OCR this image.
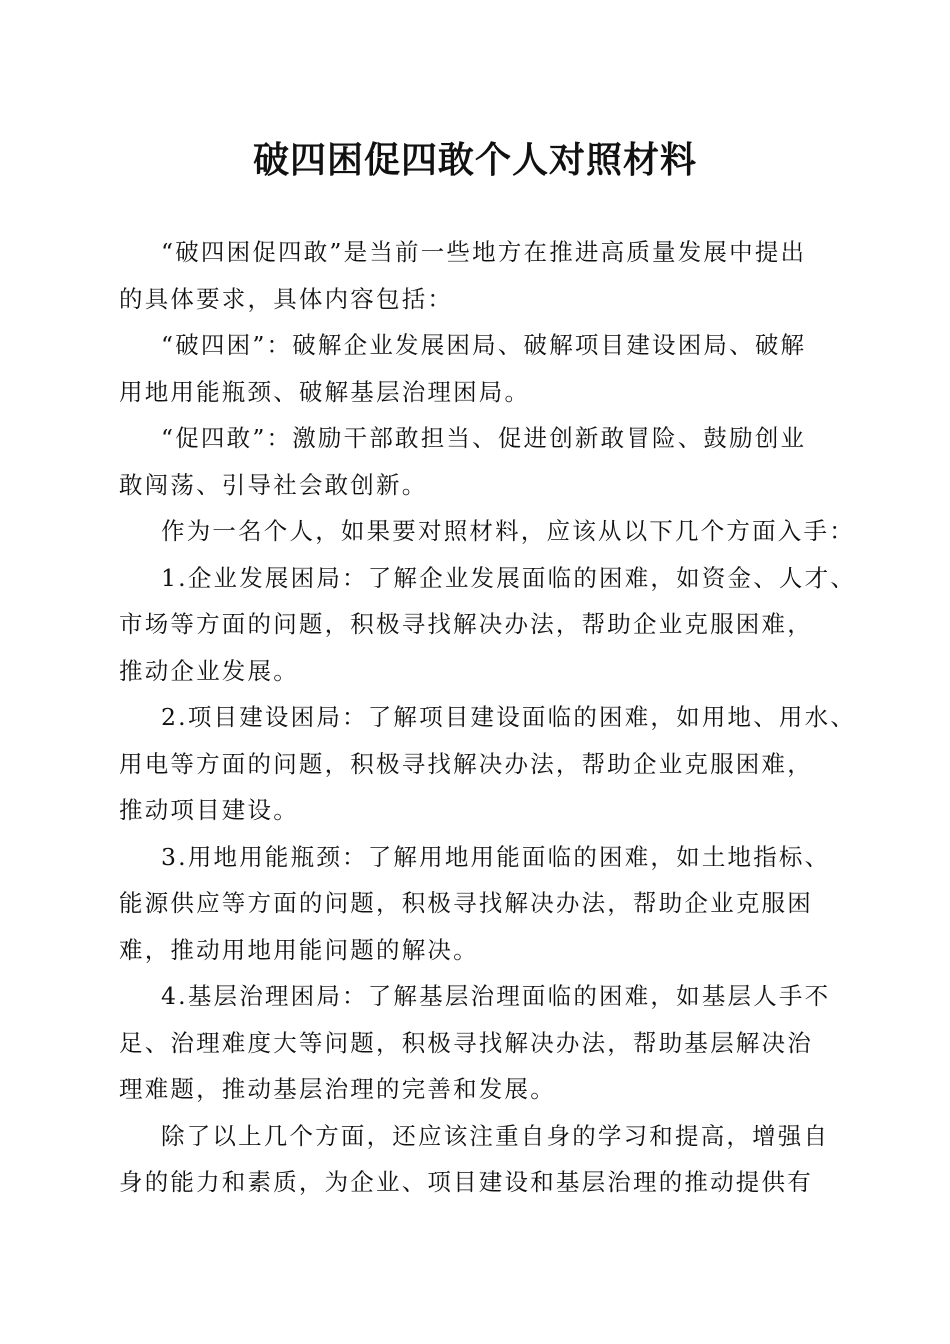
破四困促四敢个人对照材料
“破四困促四敢”是当前一些地方在推进高质量发展中提出
的具体要求，具体内容包括：
“破四困”：破解企业发展困局、破解项目建设困局、破解
用地用能瓶颈、破解基层治理困局。
“促四敢”：激励干部敢担当、促进创新敢冒险、鼓励创业
敢闯荡、引导社会敢创新。
作为一名个人，如果要对照材料，应该从以下几个方面入手：
1.企业发展困局：了解企业发展面临的困难，如资金、人才、
市场等方面的问题，积极寻找解决办法，帮助企业克服困难，
推动企业发展。
2.项目建设困局：了解项目建设面临的困难，如用地、用水、
用电等方面的问题，积极寻找解决办法，帮助企业克服困难，
推动项目建设。
3.用地用能瓶颈：了解用地用能面临的困难，如土地指标、
能源供应等方面的问题，积极寻找解决办法，帮助企业克服困
难，推动用地用能问题的解决。
4.基层治理困局：了解基层治理面临的困难，如基层人手不
足、治理难度大等问题，积极寻找解决办法，帮助基层解决治
理难题，推动基层治理的完善和发展。
除了以上几个方面，还应该注重自身的学习和提高，增强自
身的能力和素质，为企业、项目建设和基层治理的推动提供有
